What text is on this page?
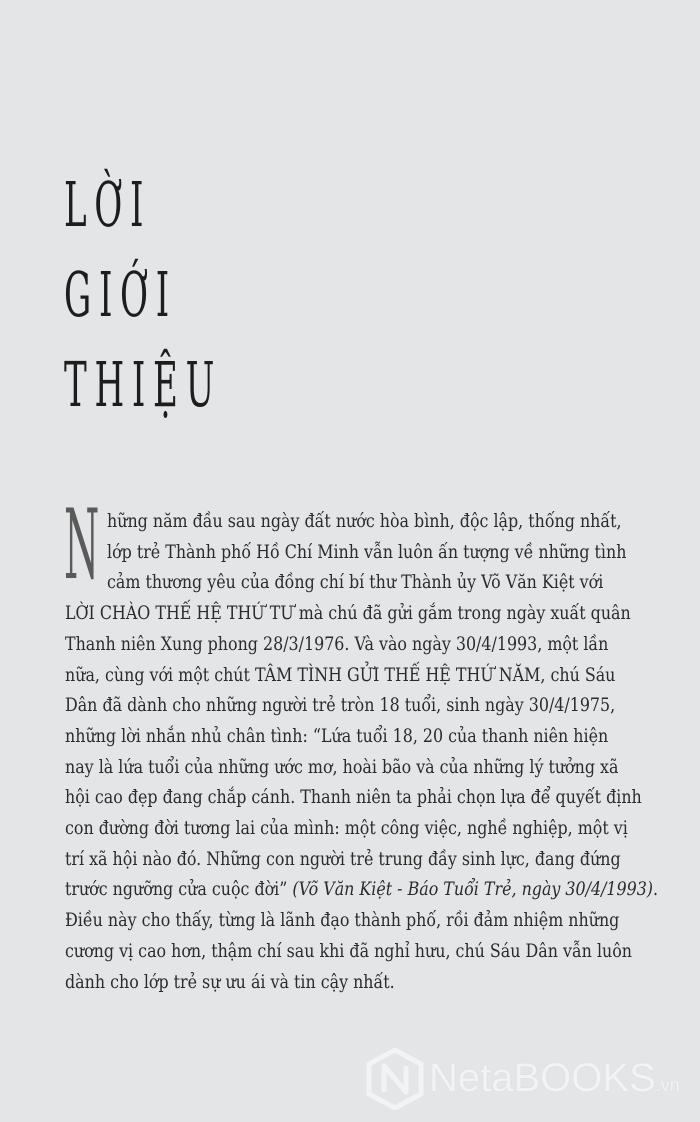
LỜI
GIỚI
THIỆU
N hững năm đầu sau ngày đất nước hòa bình, độc lập, thống nhất,
lớp trẻ Thành phố Hồ Chí Minh vẫn luôn ấn tượng về những tình
cảm thương yêu của đồng chí bí thư Thành ủy Võ Văn Kiệt với
LỜI CHÀO THẾ HỆ THỨ TƯ mà chú đã gửi gắm trong ngày xuất quân
Thanh niên Xung phong 28/3/1976. Và vào ngày 30/4/1993, một lần
nữa, cùng với một chút TÂM TÌNH GỬI THẾ HỆ THỨ NĂM, chú Sáu
Dân đã dành cho những người trẻ tròn 18 tuổi, sinh ngày 30/4/1975,
những lời nhắn nhủ chân tình: “Lứa tuổi 18, 20 của thanh niên hiện
nay là lứa tuổi của những ước mơ, hoài bão và của những lý tưởng xã
hội cao đẹp đang chắp cánh. Thanh niên ta phải chọn lựa để quyết định
con đường đời tương lai của mình: một công việc, nghề nghiệp, một vị
trí xã hội nào đó. Những con người trẻ trung đầy sinh lực, đang đứng
trước ngưỡng cửa cuộc đời” (Võ Văn Kiệt - Báo Tuổi Trẻ, ngày 30/4/1993).
Điều này cho thấy, từng là lãnh đạo thành phố, rồi đảm nhiệm những
cương vị cao hơn, thậm chí sau khi đã nghỉ hưu, chú Sáu Dân vẫn luôn
dành cho lớp trẻ sự ưu ái và tin cậy nhất.
NetaBOOKS.vn
